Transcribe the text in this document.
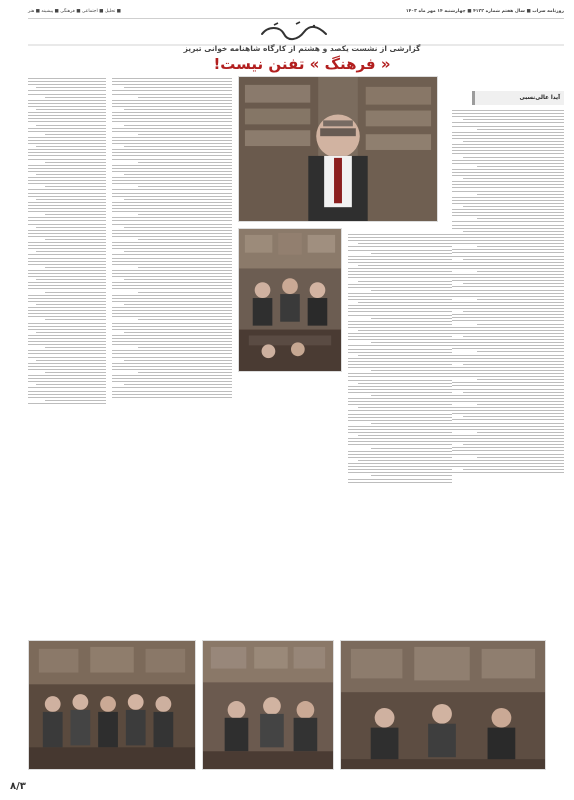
روزنامه سراب ■ سال هفتم شماره ۴۱۲۲ ■ چهارشنبه ۱۴ مهر ماه ۱۴۰۳
■ تحلیل ■ اجتماعی ■ فرهنگی ■ پیشینه ■ هنر
گزارشی از نشست یکصد و هشتم از کارگاه شاهنامه خوانی تبریز
« فرهنگ » تفنن نیست!
آیدا عالی‌نسبی
۸/۳
